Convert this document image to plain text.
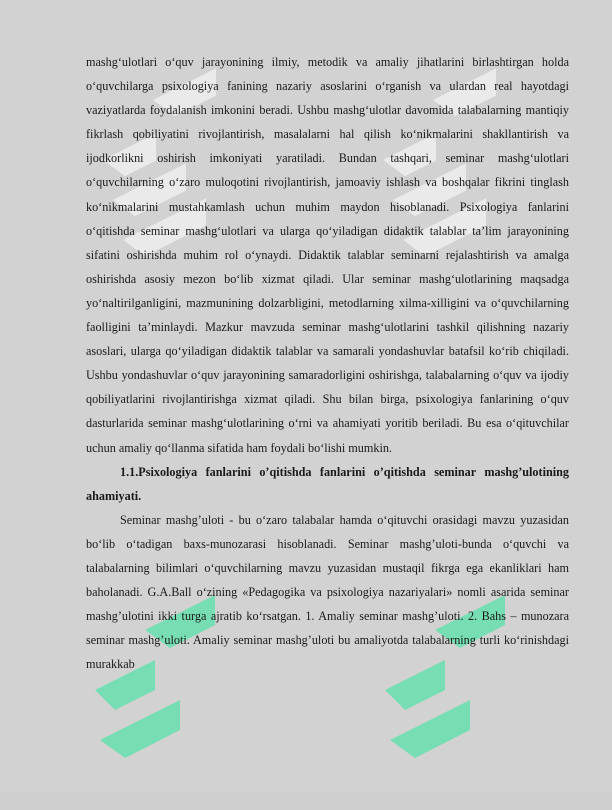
mashg‘ulotlari o‘quv jarayonining ilmiy, metodik va amaliy jihatlarini birlashtirgan holda o‘quvchilarga psixologiya fanining nazariy asoslarini o‘rganish va ulardan real hayotdagi vaziyatlarda foydalanish imkonini beradi. Ushbu mashg‘ulotlar davomida talabalarning mantiqiy fikrlash qobiliyatini rivojlantirish, masalalarni hal qilish ko‘nikmalarini shakllantirish va ijodkorlikni oshirish imkoniyati yaratiladi. Bundan tashqari, seminar mashg‘ulotlari o‘quvchilarning o‘zaro muloqotini rivojlantirish, jamoaviy ishlash va boshqalar fikrini tinglash ko‘nikmalarini mustahkamlash uchun muhim maydon hisoblanadi. Psixologiya fanlarini o‘qitishda seminar mashg‘ulotlari va ularga qo‘yiladigan didaktik talablar ta’lim jarayonining sifatini oshirishda muhim rol o‘ynaydi. Didaktik talablar seminarni rejalashtirish va amalga oshirishda asosiy mezon bo‘lib xizmat qiladi. Ular seminar mashg‘ulotlarining maqsadga yo‘naltirilganligini, mazmunining dolzarbligini, metodlarning xilma-xilligini va o‘quvchilarning faolligini ta’minlaydi. Mazkur mavzuda seminar mashg‘ulotlarini tashkil qilishning nazariy asoslari, ularga qo‘yiladigan didaktik talablar va samarali yondashuvlar batafsil ko‘rib chiqiladi. Ushbu yondashuvlar o‘quv jarayonining samaradorligini oshirishga, talabalarning o‘quv va ijodiy qobiliyatlarini rivojlantirishga xizmat qiladi. Shu bilan birga, psixologiya fanlarining o‘quv dasturlarida seminar mashg‘ulotlarining o‘rni va ahamiyati yoritib beriladi. Bu esa o‘qituvchilar uchun amaliy qo‘llanma sifatida ham foydali bo‘lishi mumkin.

1.1.Psixologiya fanlarini o’qitishda fanlarini o’qitishda seminar mashg’ulotining ahamiyati.

Seminar mashg’uloti - bu o‘zaro talabalar hamda o‘qituvchi orasidagi mavzu yuzasidan bo‘lib o‘tadigan baxs-munozarasi hisoblanadi. Seminar mashg’uloti-bunda o‘quvchi va talabalarning bilimlari o‘quvchilarning mavzu yuzasidan mustaqil fikrga ega ekanliklari ham baholanadi. G.A.Ball o‘zining «Pedagogika va psixologiya nazariyalari» nomli asarida seminar mashg’ulotini ikki turga ajratib ko‘rsatgan. 1. Amaliy seminar mashg’uloti. 2. Bahs – munozara seminar mashg’uloti. Amaliy seminar mashg’uloti bu amaliyotda talabalarning turli ko‘rinishdagi murakkab
